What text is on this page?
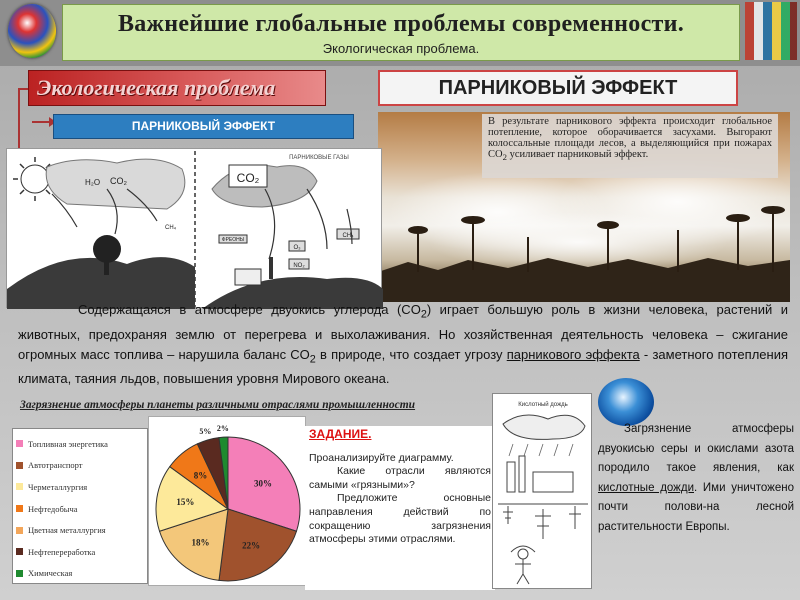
Важнейшие глобальные проблемы современности.
Экологическая проблема.
Экологическая проблема
ПАРНИКОВЫЙ ЭФФЕКТ
ПАРНИКОВЫЙ ЭФФЕКТ
В результате парникового эффекта происходит глобальное потепление, которое оборачивается засухами. Выгорают колоссальные площади лесов, а выделяющийся при пожарах $CO_2$ усиливает парниковый эффект.
ПАРНИКОВЫЕ ГАЗЫ
H₂O CO₂
CH₄
CO₂
ФРЕОНЫ
O₃
NO₂
CH₄
Содержащаяся в атмосфере двуокись углерода $(CO_2)$ играет большую роль в жизни человека, растений и животных, предохраняя землю от перегрева и выхолаживания. Но хозяйственная деятельность человека – сжигание огромных масс топлива – нарушила баланс $CO_2$ в природе, что создает угрозу парникового эффекта - заметного потепления климата, таяния льдов, повышения уровня Мирового океана.
Загрязнение атмосферы планеты различными отраслями промышленности
Топливная энергетика
Автотранспорт
Черметаллургия
Нефтедобыча
Цветная металлургия
Нефтепереработка
Химическая
30%
22%
18%
15%
8%
5% 2%	ЗАДАНИЕ.

Проанализируйте диаграмму.

Какие отрасли являются самыми «грязными»?

Предложите основные направления действий по сокращению загрязнения атмосферы этими отраслями.

Кислотный дождь
Загрязнение атмосферы двуокисью серы и окислами азота породило такое явления, как кислотные дожди. Ими уничтожено почти полови-на лесной растительности Европы.
